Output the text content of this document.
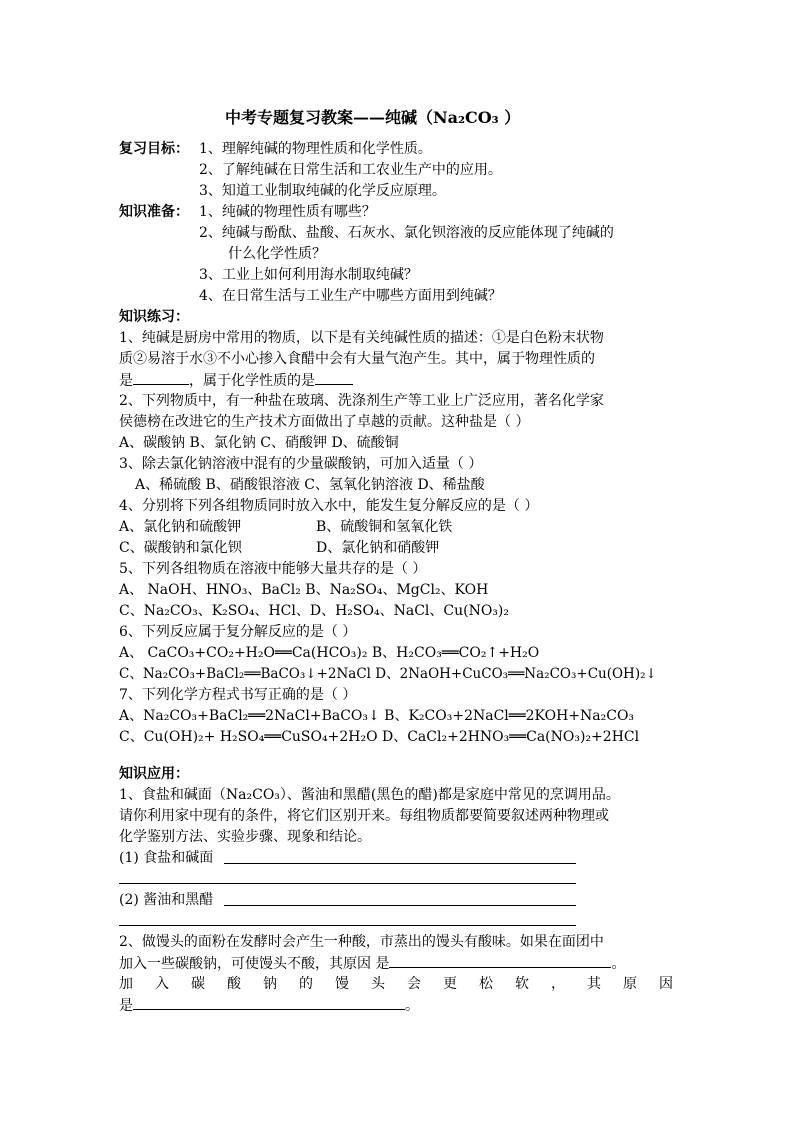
中考专题复习教案——纯碱（Na₂CO₃ ）
复习目标： 1、理解纯碱的物理性质和化学性质。
2、了解纯碱在日常生活和工农业生产中的应用。
3、知道工业制取纯碱的化学反应原理。
知识准备： 1、纯碱的物理性质有哪些？
2、纯碱与酚酞、盐酸、石灰水、氯化钡溶液的反应能体现了纯碱的
什么化学性质？
3、工业上如何利用海水制取纯碱？
4、在日常生活与工业生产中哪些方面用到纯碱？
知识练习：
1、纯碱是厨房中常用的物质，以下是有关纯碱性质的描述：①是白色粉末状物
质②易溶于水③不小心掺入食醋中会有大量气泡产生。其中，属于物理性质的
是	，属于化学性质的是
2、下列物质中，有一种盐在玻璃、洗涤剂生产等工业上广泛应用，著名化学家
侯德榜在改进它的生产技术方面做出了卓越的贡献。这种盐是（ ）
A、碳酸钠 B、氯化钠 C、硝酸钾 D、硫酸铜
3、除去氯化钠溶液中混有的少量碳酸钠，可加入适量（ ）
A、稀硫酸 B、硝酸银溶液 C、氢氧化钠溶液 D、稀盐酸
4、分别将下列各组物质同时放入水中，能发生复分解反应的是（ ）
A、氯化钠和硫酸钾	B、硫酸铜和氢氧化铁
C、碳酸钠和氯化钡	D、氯化钠和硝酸钾
5、下列各组物质在溶液中能够大量共存的是（ ）
A、 NaOH、HNO₃、BaCl₂ B、Na₂SO₄、MgCl₂、KOH
C、Na₂CO₃、K₂SO₄、HCl、D、H₂SO₄、NaCl、Cu(NO₃)₂
6、下列反应属于复分解反应的是（ ）
A、 CaCO₃+CO₂+H₂O══Ca(HCO₃)₂ B、H₂CO₃══CO₂↑+H₂O
C、Na₂CO₃+BaCl₂══BaCO₃↓+2NaCl D、2NaOH+CuCO₃══Na₂CO₃+Cu(OH)₂↓
7、下列化学方程式书写正确的是（ ）
A、Na₂CO₃+BaCl₂══2NaCl+BaCO₃↓ B、K₂CO₃+2NaCl══2KOH+Na₂CO₃
C、Cu(OH)₂+ H₂SO₄══CuSO₄+2H₂O D、CaCl₂+2HNO₃══Ca(NO₃)₂+2HCl
知识应用：
1、食盐和碱面（Na₂CO₃）、酱油和黑醋(黑色的醋)都是家庭中常见的烹调用品。
请你利用家中现有的条件，将它们区别开来。每组物质都要简要叙述两种物理或
化学鉴别方法、实验步骤、现象和结论。
(1) 食盐和碱面
(2) 酱油和黑醋
2、做馒头的面粉在发酵时会产生一种酸，市蒸出的馒头有酸味。如果在面团中
加入一些碳酸钠，可使馒头不酸，其原因 是	。
加 入 碳 酸 钠 的 馒 头 会 更 松 软 ， 其 原 因
是	。
